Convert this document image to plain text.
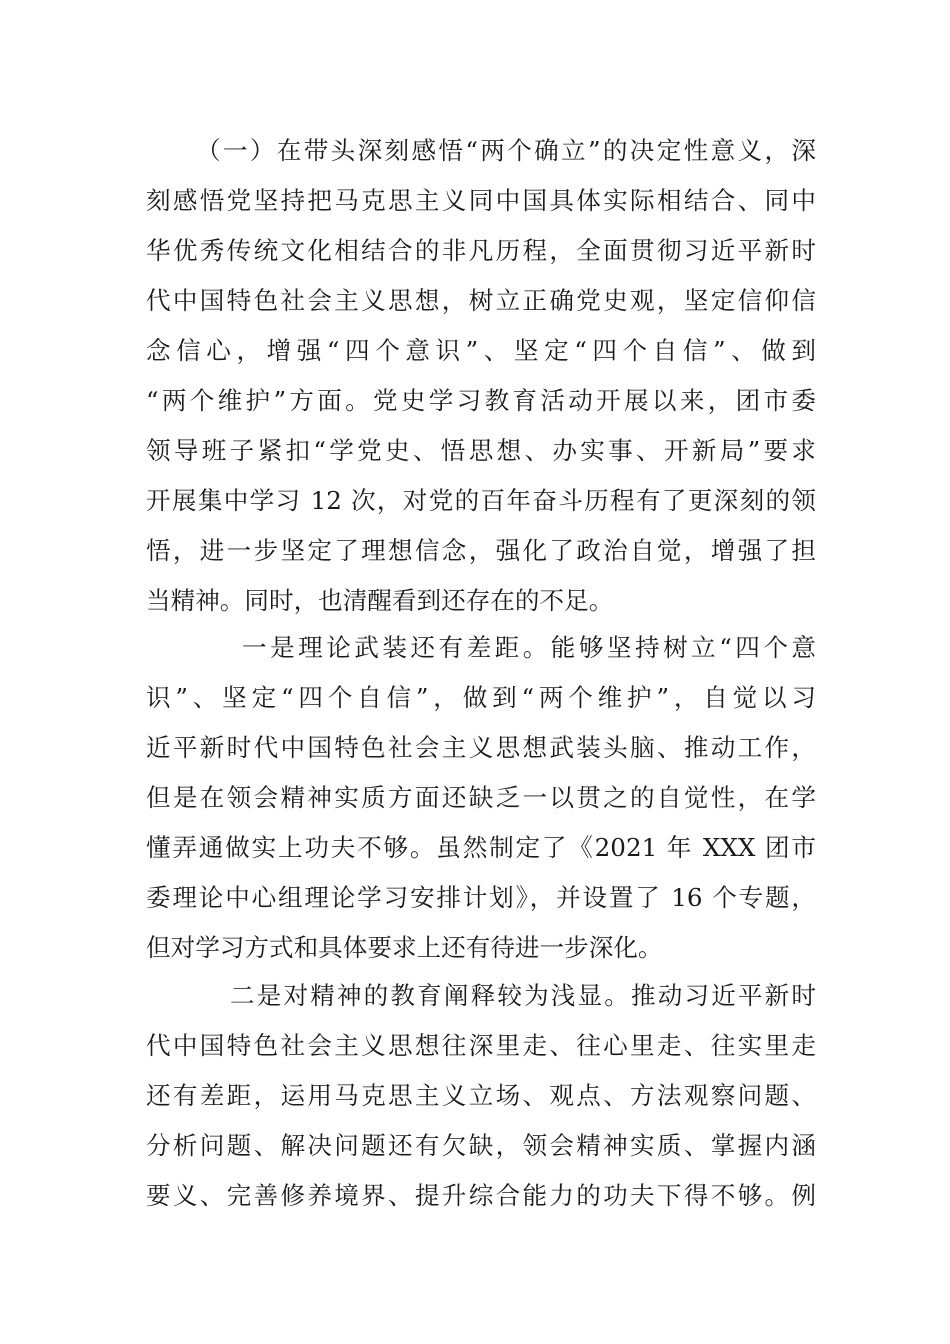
（一）在带头深刻感悟“两个确立”的决定性意义，深

刻感悟党坚持把马克思主义同中国具体实际相结合、同中

华优秀传统文化相结合的非凡历程，全面贯彻习近平新时

代中国特色社会主义思想，树立正确党史观，坚定信仰信

念信心，增强“四个意识”、坚定“四个自信”、做到

“两个维护”方面。党史学习教育活动开展以来，团市委

领导班子紧扣“学党史、悟思想、办实事、开新局”要求

开展集中学习 12 次，对党的百年奋斗历程有了更深刻的领

悟，进一步坚定了理想信念，强化了政治自觉，增强了担

当精神。同时，也清醒看到还存在的不足。

一是理论武装还有差距。能够坚持树立“四个意

识”、坚定“四个自信”，做到“两个维护”，自觉以习

近平新时代中国特色社会主义思想武装头脑、推动工作，

但是在领会精神实质方面还缺乏一以贯之的自觉性，在学

懂弄通做实上功夫不够。虽然制定了《2021 年 XXX 团市

委理论中心组理论学习安排计划》，并设置了 16 个专题，

但对学习方式和具体要求上还有待进一步深化。

二是对精神的教育阐释较为浅显。推动习近平新时

代中国特色社会主义思想往深里走、往心里走、往实里走

还有差距，运用马克思主义立场、观点、方法观察问题、

分析问题、解决问题还有欠缺，领会精神实质、掌握内涵

要义、完善修养境界、提升综合能力的功夫下得不够。例
